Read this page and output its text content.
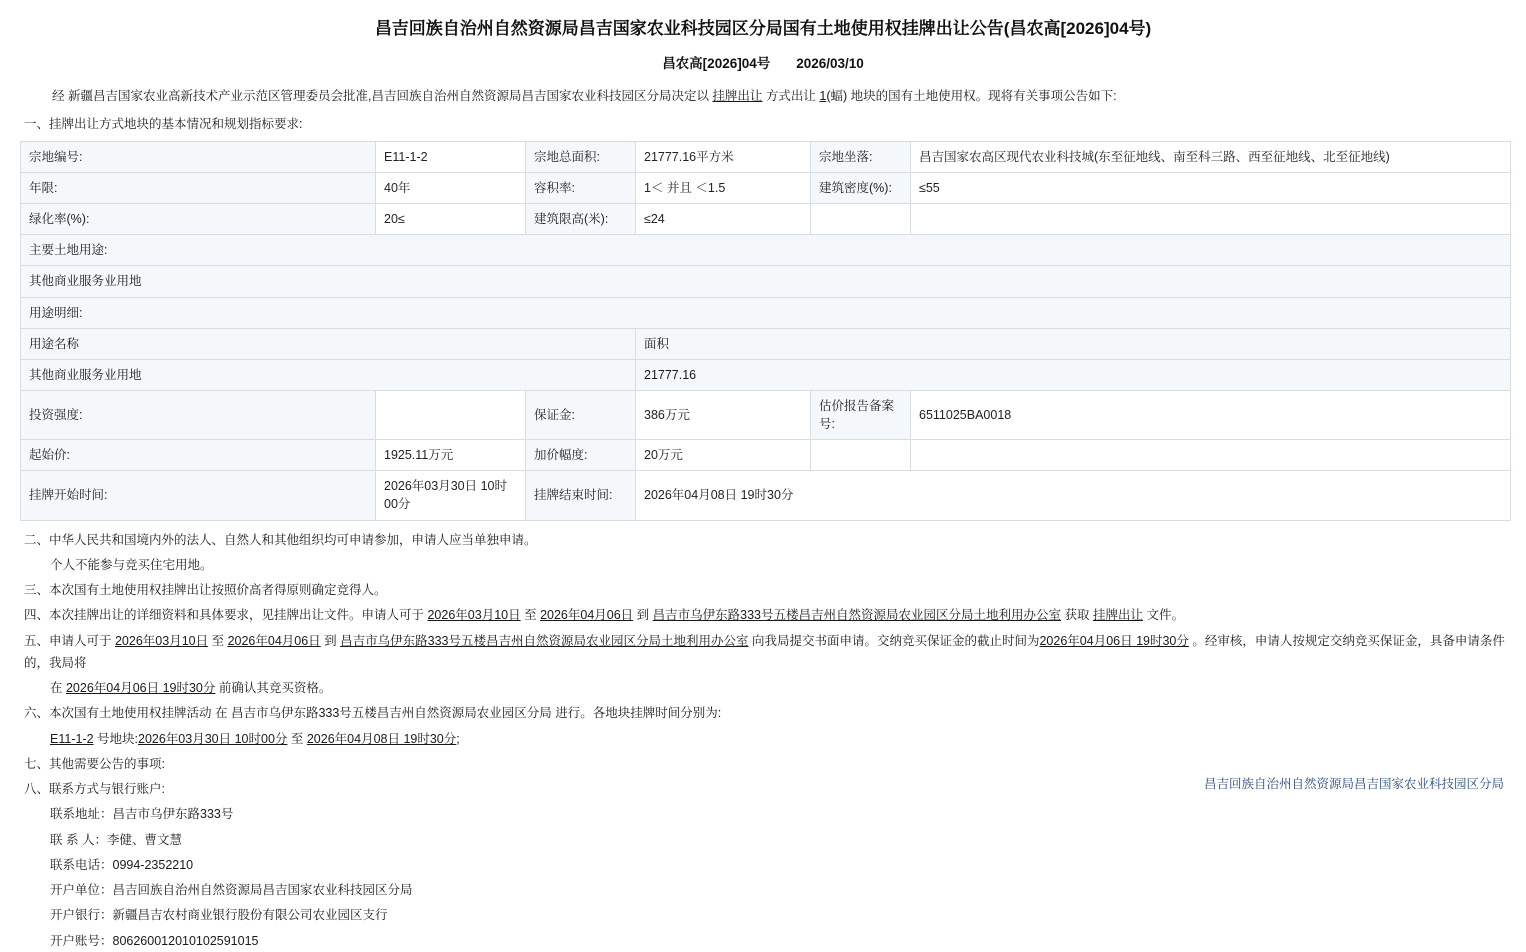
昌吉回族自治州自然资源局昌吉国家农业科技园区分局国有土地使用权挂牌出让公告(昌农高[2026]04号)
昌农高[2026]04号 2026/03/10
经 新疆昌吉国家农业高新技术产业示范区管理委员会批准,昌吉回族自治州自然资源局昌吉国家农业科技园区分局决定以 挂牌出让 方式出让 1(蝠) 地块的国有土地使用权。现将有关事项公告如下:
一、挂牌出让方式地块的基本情况和规划指标要求:
宗地编号:	E11-1-2	宗地总面积:	21777.16平方米	宗地坐落:	昌吉国家农高区现代农业科技城(东至征地线、南至科三路、西至征地线、北至征地线)
年限:	40年	容积率:	1＜ 并且 ＜1.5	建筑密度(%):	≤55
绿化率(%):	20≤	建筑限高(米):	≤24		
主要土地用途:					
其他商业服务业用地					
用途明细:					
用途名称			面积		
其他商业服务业用地			21777.16		
投资强度:		保证金:	386万元	估价报告备案号:	6511025BA0018
起始价:	1925.11万元	加价幅度:	20万元		
挂牌开始时间:	2026年03月30日 10时00分	挂牌结束时间:	2026年04月08日 19时30分		

二、中华人民共和国境内外的法人、自然人和其他组织均可申请参加，申请人应当单独申请。

个人不能参与竞买住宅用地。

三、本次国有土地使用权挂牌出让按照价高者得原则确定竞得人。

四、本次挂牌出让的详细资料和具体要求，见挂牌出让文件。申请人可于 2026年03月10日 至 2026年04月06日 到 昌吉市乌伊东路333号五楼昌吉州自然资源局农业园区分局土地利用办公室 获取 挂牌出让 文件。

五、申请人可于 2026年03月10日 至 2026年04月06日 到 昌吉市乌伊东路333号五楼昌吉州自然资源局农业园区分局土地利用办公室 向我局提交书面申请。交纳竞买保证金的截止时间为2026年04月06日 19时30分 。经审核，申请人按规定交纳竞买保证金，具备申请条件的，我局将

在 2026年04月06日 19时30分 前确认其竞买资格。

六、本次国有土地使用权挂牌活动 在 昌吉市乌伊东路333号五楼昌吉州自然资源局农业园区分局 进行。各地块挂牌时间分别为:

E11-1-2 号地块:2026年03月30日 10时00分 至 2026年04月08日 19时30分;

七、其他需要公告的事项:

八、联系方式与银行账户:

联系地址：昌吉市乌伊东路333号

联 系 人：李健、曹文慧

联系电话：0994-2352210

开户单位：昌吉回族自治州自然资源局昌吉国家农业科技园区分局

开户银行：新疆昌吉农村商业银行股份有限公司农业园区支行

开户账号：806260012010102591015

昌吉回族自治州自然资源局昌吉国家农业科技园区分局
